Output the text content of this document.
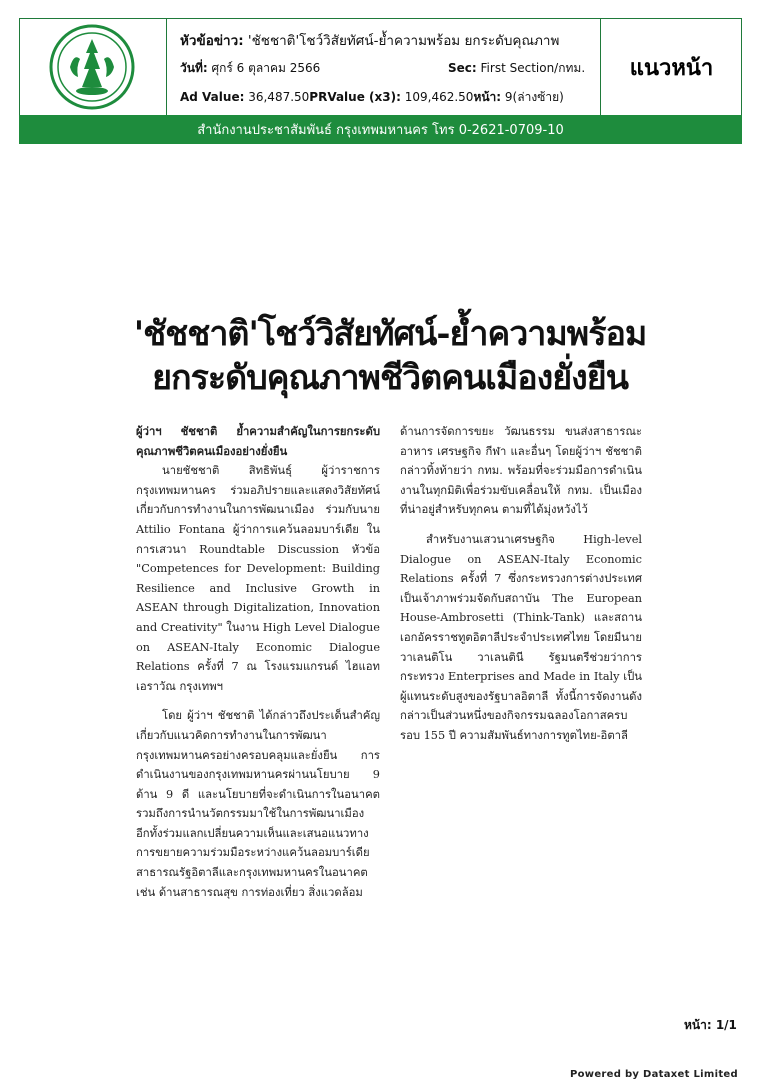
หัวข้อข่าว: 'ชัชชาติ'โชว์วิสัยทัศน์-ย้ำความพร้อม ยกระดับคุณภาพ
วันที่: ศุกร์ 6 ตุลาคม 2566	Sec: First Section/กทม.
Ad Value: 36,487.50PRValue (x3): 109,462.50หน้า: 9(ล่างซ้าย)
แนวหน้า
สำนักงานประชาสัมพันธ์ กรุงเทพมหานคร โทร 0-2621-0709-10
'ชัชชาติ'โชว์วิสัยทัศน์-ย้ำความพร้อม
ยกระดับคุณภาพชีวิตคนเมืองยั่งยืน

ผู้ว่าฯ ชัชชาติ ย้ำความสำคัญในการยกระดับคุณภาพชีวิตคนเมืองอย่างยั่งยืน

นายชัชชาติ สิทธิพันธุ์ ผู้ว่าราชการกรุงเทพมหานคร ร่วมอภิปรายและแสดงวิสัยทัศน์เกี่ยวกับการทำงานในการพัฒนาเมือง ร่วมกับนาย Attilio Fontana ผู้ว่าการแคว้นลอมบาร์เดีย ในการเสวนา Roundtable Discussion หัวข้อ "Competences for Development: Building Resilience and Inclusive Growth in ASEAN through Digitalization, Innovation and Creativity" ในงาน High Level Dialogue on ASEAN-Italy Economic Dialogue Relations ครั้งที่ 7 ณ โรงแรมแกรนด์ ไฮแอท เอราวัณ กรุงเทพฯ

โดย ผู้ว่าฯ ชัชชาติ ได้กล่าวถึงประเด็นสำคัญเกี่ยวกับแนวคิดการทำงานในการพัฒนากรุงเทพมหานครอย่างครอบคลุมและยั่งยืน การดำเนินงานของกรุงเทพมหานครผ่านนโยบาย 9 ด้าน 9 ดี และนโยบายที่จะดำเนินการในอนาคต รวมถึงการนำนวัตกรรมมาใช้ในการพัฒนาเมือง อีกทั้งร่วมแลกเปลี่ยนความเห็นและเสนอแนวทางการขยายความร่วมมือระหว่างแคว้นลอมบาร์เดีย สาธารณรัฐอิตาลีและกรุงเทพมหานครในอนาคต เช่น ด้านสาธารณสุข การท่องเที่ยว สิ่งแวดล้อม

ด้านการจัดการขยะ วัฒนธรรม ขนส่งสาธารณะ อาหาร เศรษฐกิจ กีฬา และอื่นๆ โดยผู้ว่าฯ ชัชชาติกล่าวทิ้งท้ายว่า กทม. พร้อมที่จะร่วมมือการดำเนินงานในทุกมิติเพื่อร่วมขับเคลื่อนให้ กทม. เป็นเมืองที่น่าอยู่สำหรับทุกคน ตามที่ได้มุ่งหวังไว้

สำหรับงานเสวนาเศรษฐกิจ High-level Dialogue on ASEAN-Italy Economic Relations ครั้งที่ 7 ซึ่งกระทรวงการต่างประเทศเป็นเจ้าภาพร่วมจัดกับสถาบัน The European House-Ambrosetti (Think-Tank) และสถานเอกอัครราชทูตอิตาลีประจำประเทศไทย โดยมีนายวาเลนติโน วาเลนตินี รัฐมนตรีช่วยว่าการกระทรวง Enterprises and Made in Italy เป็นผู้แทนระดับสูงของรัฐบาลอิตาลี ทั้งนี้การจัดงานดังกล่าวเป็นส่วนหนึ่งของกิจกรรมฉลองโอกาสครบรอบ 155 ปี ความสัมพันธ์ทางการทูตไทย-อิตาลี

หน้า: 1/1
Powered by Dataxet Limited
